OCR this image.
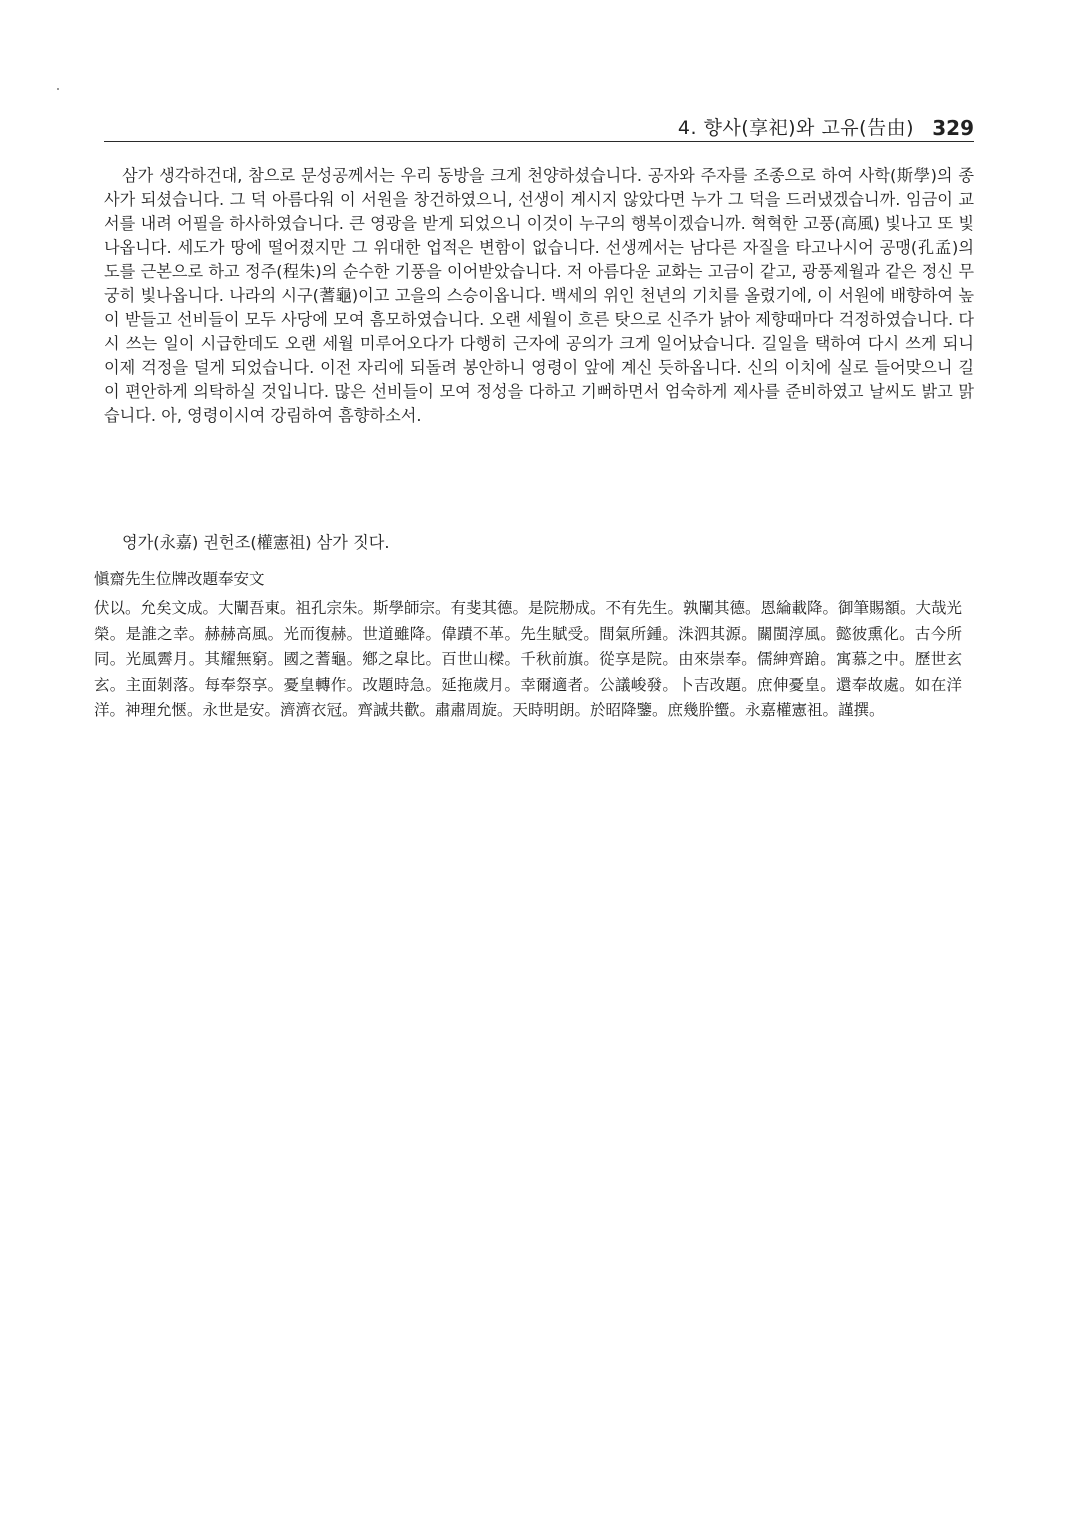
4. 향사(享祀)와 고유(告由) 329

삼가 생각하건대, 참으로 문성공께서는 우리 동방을 크게 천양하셨습니다. 공자와 주자를 조종으로 하여 사학(斯學)의 종사가 되셨습니다. 그 덕 아름다워 이 서원을 창건하였으니, 선생이 계시지 않았다면 누가 그 덕을 드러냈겠습니까. 임금이 교서를 내려 어필을 하사하였습니다. 큰 영광을 받게 되었으니 이것이 누구의 행복이겠습니까. 혁혁한 고풍(高風) 빛나고 또 빛나옵니다. 세도가 땅에 떨어졌지만 그 위대한 업적은 변함이 없습니다. 선생께서는 남다른 자질을 타고나시어 공맹(孔孟)의 도를 근본으로 하고 정주(程朱)의 순수한 기풍을 이어받았습니다. 저 아름다운 교화는 고금이 같고, 광풍제월과 같은 정신 무궁히 빛나옵니다. 나라의 시구(蓍龜)이고 고을의 스승이옵니다. 백세의 위인 천년의 기치를 올렸기에, 이 서원에 배향하여 높이 받들고 선비들이 모두 사당에 모여 흠모하였습니다. 오랜 세월이 흐른 탓으로 신주가 낡아 제향때마다 걱정하였습니다. 다시 쓰는 일이 시급한데도 오랜 세월 미루어오다가 다행히 근자에 공의가 크게 일어났습니다. 길일을 택하여 다시 쓰게 되니 이제 걱정을 덜게 되었습니다. 이전 자리에 되돌려 봉안하니 영령이 앞에 계신 듯하옵니다. 신의 이치에 실로 들어맞으니 길이 편안하게 의탁하실 것입니다. 많은 선비들이 모여 정성을 다하고 기뻐하면서 엄숙하게 제사를 준비하였고 날씨도 밝고 맑습니다. 아, 영령이시여 강림하여 흠향하소서.

영가(永嘉) 권헌조(權憲祖) 삼가 짓다.
愼齋先生位牌改題奉安文

伏以。允矣文成。大闡吾東。祖孔宗朱。斯學師宗。有斐其德。是院刱成。不有先生。孰闡其德。恩綸載降。御筆賜額。大哉光榮。是誰之幸。赫赫高風。光而復赫。世道雖降。偉蹟不革。先生賦受。間氣所鍾。洙泗其源。關閩淳風。懿彼熏化。古今所同。光風霽月。其耀無窮。國之蓍龜。鄕之皐比。百世山樑。千秋前旗。從享是院。由來崇奉。儒紳齊蹌。寓慕之中。歷世玄玄。主面剝落。每奉祭享。憂皇轉作。改題時急。延拖歲月。幸爾適者。公議峻發。卜吉改題。庶伸憂皇。還奉故處。如在洋洋。神理允愜。永世是安。濟濟衣冠。齊誠共歡。肅肅周旋。天時明朗。於昭降鑒。庶幾肸蠁。永嘉權憲祖。謹撰。
